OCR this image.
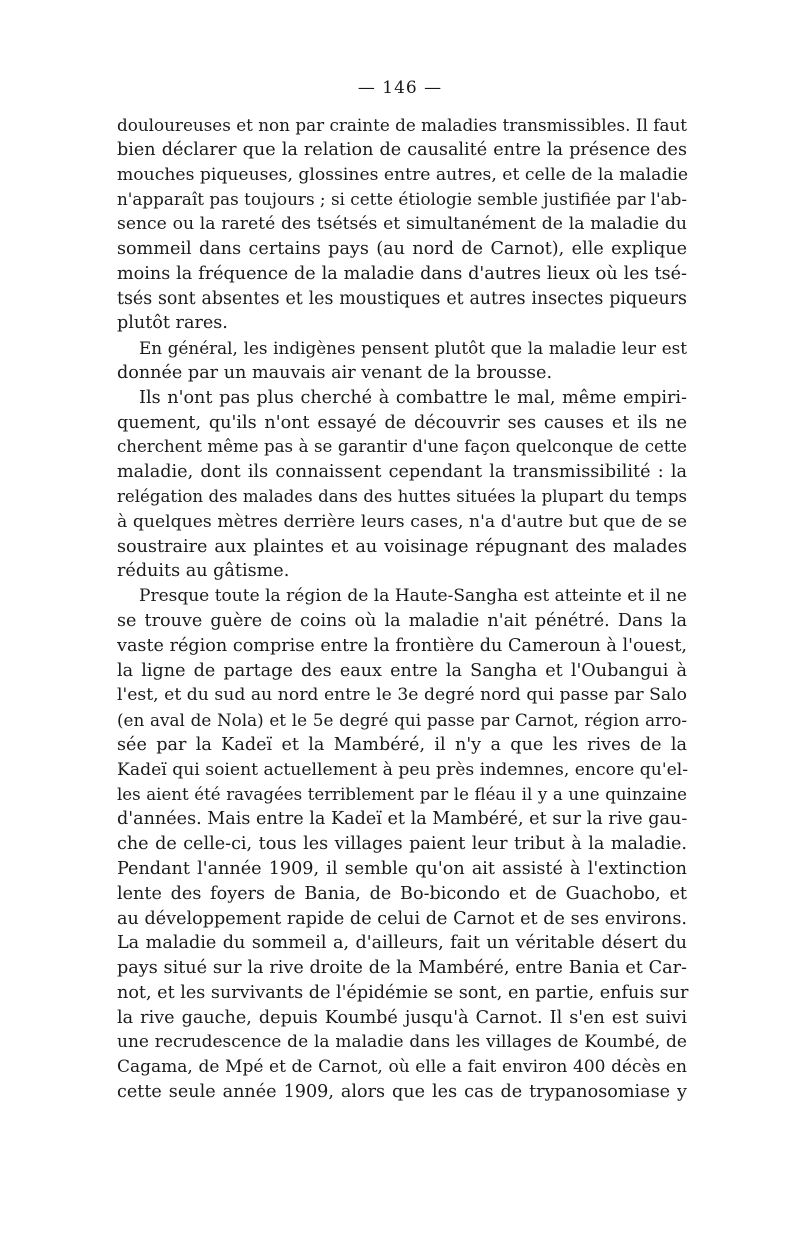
— 146 —
douloureuses et non par crainte de maladies transmissibles. Il faut
bien déclarer que la relation de causalité entre la présence des
mouches piqueuses, glossines entre autres, et celle de la maladie
n'apparaît pas toujours ; si cette étiologie semble justifiée par l'ab-
sence ou la rareté des tsétsés et simultanément de la maladie du
sommeil dans certains pays (au nord de Carnot), elle explique
moins la fréquence de la maladie dans d'autres lieux où les tsé-
tsés sont absentes et les moustiques et autres insectes piqueurs
plutôt rares.
En général, les indigènes pensent plutôt que la maladie leur est
donnée par un mauvais air venant de la brousse.
Ils n'ont pas plus cherché à combattre le mal, même empiri-
quement, qu'ils n'ont essayé de découvrir ses causes et ils ne
cherchent même pas à se garantir d'une façon quelconque de cette
maladie, dont ils connaissent cependant la transmissibilité : la
relégation des malades dans des huttes situées la plupart du temps
à quelques mètres derrière leurs cases, n'a d'autre but que de se
soustraire aux plaintes et au voisinage répugnant des malades
réduits au gâtisme.
Presque toute la région de la Haute-Sangha est atteinte et il ne
se trouve guère de coins où la maladie n'ait pénétré. Dans la
vaste région comprise entre la frontière du Cameroun à l'ouest,
la ligne de partage des eaux entre la Sangha et l'Oubangui à
l'est, et du sud au nord entre le 3e degré nord qui passe par Salo
(en aval de Nola) et le 5e degré qui passe par Carnot, région arro-
sée par la Kadeï et la Mambéré, il n'y a que les rives de la
Kadeï qui soient actuellement à peu près indemnes, encore qu'el-
les aient été ravagées terriblement par le fléau il y a une quinzaine
d'années. Mais entre la Kadeï et la Mambéré, et sur la rive gau-
che de celle-ci, tous les villages paient leur tribut à la maladie.
Pendant l'année 1909, il semble qu'on ait assisté à l'extinction
lente des foyers de Bania, de Bo-bicondo et de Guachobo, et
au développement rapide de celui de Carnot et de ses environs.
La maladie du sommeil a, d'ailleurs, fait un véritable désert du
pays situé sur la rive droite de la Mambéré, entre Bania et Car-
not, et les survivants de l'épidémie se sont, en partie, enfuis sur
la rive gauche, depuis Koumbé jusqu'à Carnot. Il s'en est suivi
une recrudescence de la maladie dans les villages de Koumbé, de
Cagama, de Mpé et de Carnot, où elle a fait environ 400 décès en
cette seule année 1909, alors que les cas de trypanosomiase y
